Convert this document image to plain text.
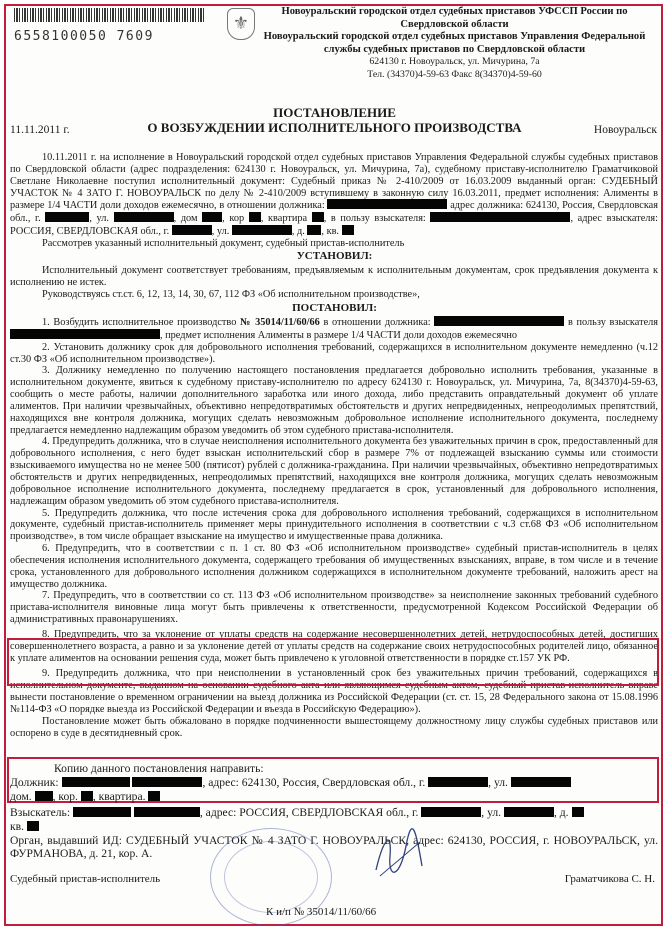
6558100050 7609
⚜
Новоуральский городской отдел судебных приставов УФССП России по Свердловской области
Новоуральский городской отдел судебных приставов Управления Федеральной службы судебных приставов по Свердловской области
624130 г. Новоуральск, ул. Мичурина, 7а
Тел. (34370)4-59-63 Факс 8(34370)4-59-60
ПОСТАНОВЛЕНИЕ
О ВОЗБУЖДЕНИИ ИСПОЛНИТЕЛЬНОГО ПРОИЗВОДСТВА
11.11.2011 г.	Новоуральск

10.11.2011 г. на исполнение в Новоуральский городской отдел судебных приставов Управления Федеральной службы судебных приставов по Свердловской области (адрес подразделения: 624130 г. Новоуральск, ул. Мичурина, 7а), судебному приставу-исполнителю Граматчиковой Светлане Николаевне поступил исполнительный документ: Судебный приказ № 2-410/2009 от 16.03.2009 выданный орган: СУДЕБНЫЙ УЧАСТОК № 4 ЗАТО Г. НОВОУРАЛЬСК по делу № 2-410/2009 вступившему в законную силу 16.03.2011, предмет исполнения: Алименты в размере 1/4 ЧАСТИ доли доходов ежемесячно, в отношении должника:	адрес должника: 624130, Россия, Свердловская обл., г.	, ул.	, дом , кор , квартира , в пользу взыскателя:	, адрес взыскателя: РОССИЯ, СВЕРДЛОВСКАЯ обл., г.	, ул.	, д. , кв.

Рассмотрев указанный исполнительный документ, судебный пристав-исполнитель

УСТАНОВИЛ:

Исполнительный документ соответствует требованиям, предъявляемым к исполнительным документам, срок предъявления документа к исполнению не истек.

Руководствуясь ст.ст. 6, 12, 13, 14, 30, 67, 112 ФЗ «Об исполнительном производстве»,

ПОСТАНОВИЛ:

1. Возбудить исполнительное производство № 35014/11/60/66 в отношении должника:	в пользу взыскателя , предмет исполнения Алименты в размере 1/4 ЧАСТИ доли доходов ежемесячно

2. Установить должнику срок для добровольного исполнения требований, содержащихся в исполнительном документе немедленно (ч.12 ст.30 ФЗ «Об исполнительном производстве»).

3. Должнику немедленно по получению настоящего постановления предлагается добровольно исполнить требования, указанные в исполнительном документе, явиться к судебному приставу-исполнителю по адресу 624130 г. Новоуральск, ул. Мичурина, 7а, 8(34370)4-59-63, сообщить о месте работы, наличии дополнительного заработка или иного дохода, либо представить оправдательный документ об уплате алиментов. При наличии чрезвычайных, объективно непредотвратимых обстоятельств и других непредвиденных, непреодолимых препятствий, находящихся вне контроля должника, могущих сделать невозможным добровольное исполнение исполнительного документа, последнему предлагается немедленно надлежащим образом уведомить об этом судебного пристава-исполнителя.

4. Предупредить должника, что в случае неисполнения исполнительного документа без уважительных причин в срок, предоставленный для добровольного исполнения, с него будет взыскан исполнительский сбор в размере 7% от подлежащей взысканию суммы или стоимости взыскиваемого имущества но не менее 500 (пятисот) рублей с должника-гражданина. При наличии чрезвычайных, объективно непредотвратимых обстоятельств и других непредвиденных, непреодолимых препятствий, находящихся вне контроля должника, могущих сделать невозможным добровольное исполнение исполнительного документа, последнему предлагается в срок, установленный для добровольного исполнения, надлежащим образом уведомить об этом судебного пристава-исполнителя.

5. Предупредить должника, что после истечения срока для добровольного исполнения требований, содержащихся в исполнительном документе, судебный пристав-исполнитель применяет меры принудительного исполнения в соответствии с ч.3 ст.68 ФЗ «Об исполнительном производстве», в том числе обращает взыскание на имущество и имущественные права должника.

6. Предупредить, что в соответствии с п. 1 ст. 80 ФЗ «Об исполнительном производстве» судебный пристав-исполнитель в целях обеспечения исполнения исполнительного документа, содержащего требования об имущественных взысканиях, вправе, в том числе и в течение срока, установленного для добровольного исполнения должником содержащихся в исполнительном документе требований, наложить арест на имущество должника.

7. Предупредить, что в соответствии со ст. 113 ФЗ «Об исполнительном производстве» за неисполнение законных требований судебного пристава-исполнителя виновные лица могут быть привлечены к ответственности, предусмотренной Кодексом Российской Федерации об административных правонарушениях.

8. Предупредить, что за уклонение от уплаты средств на содержание несовершеннолетних детей, нетрудоспособных детей, достигших совершеннолетнего возраста, а равно и за уклонение детей от уплаты средств на содержание своих нетрудоспособных родителей лицо, обязанное к уплате алиментов на основании решения суда, может быть привлечено к уголовной ответственности в порядке ст.157 УК РФ.

9. Предупредить должника, что при неисполнении в установленный срок без уважительных причин требований, содержащихся в исполнительном документе, выданном на основании судебного акта или являющимся судебным актом, судебный пристав-исполнитель вправе вынести постановление о временном ограничении на выезд должника из Российской Федерации (ст. ст. 15, 28 Федерального закона от 15.08.1996 №114-ФЗ «О порядке выезда из Российской Федерации и въезда в Российскую Федерацию»).

Постановление может быть обжаловано в порядке подчиненности вышестоящему должностному лицу службы судебных приставов или оспорено в суде в десятидневный срок.

Копию данного постановления направить:
Должник:	, адрес: 624130, Россия, Свердловская обл., г.	, ул.
дом. , кор. , квартира.
Взыскатель:	, адрес: РОССИЯ, СВЕРДЛОВСКАЯ обл., г.	, ул.	, д.
кв.
Орган, выдавший ИД: СУДЕБНЫЙ УЧАСТОК № 4 ЗАТО Г. НОВОУРАЛЬСК, адрес: 624130, РОССИЯ, г. НОВОУРАЛЬСК, ул. ФУРМАНОВА, д. 21, кор. А.
Судебный пристав-исполнитель	Граматчикова С. Н.
К и/п № 35014/11/60/66
